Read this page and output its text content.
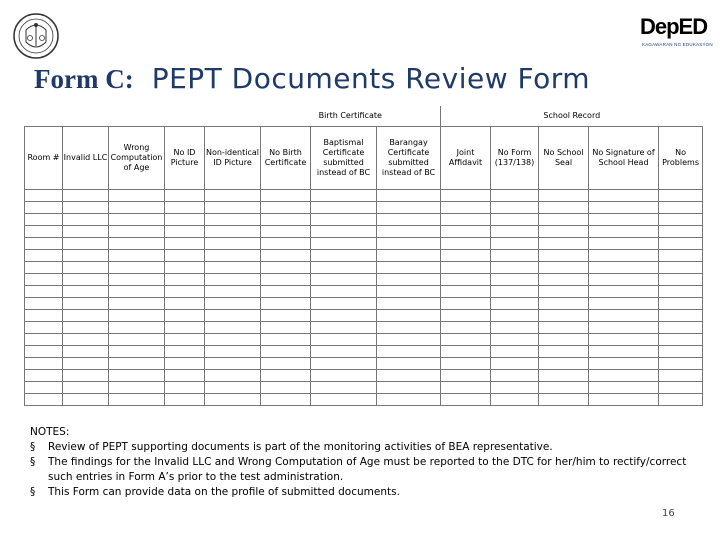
DepED
KAGAWARAN NG EDUKASYON
Form C: PEPT Documents Review Form
					Birth Certificate			School Record				
Room #	Invalid LLC	Wrong Computation of Age	No ID Picture	Non-identical ID Picture	No Birth Certificate	Baptismal Certificate submitted instead of BC	Barangay Certificate submitted instead of BC	Joint Affidavit	No Form (137/138)	No School Seal	No Signature of School Head	No Problems

NOTES:
§ Review of PEPT supporting documents is part of the monitoring activities of BEA representative.
§ The findings for the Invalid LLC and Wrong Computation of Age must be reported to the DTC for her/him to rectify/correct such entries in Form A’s prior to the test administration.
§ This Form can provide data on the profile of submitted documents.
16
